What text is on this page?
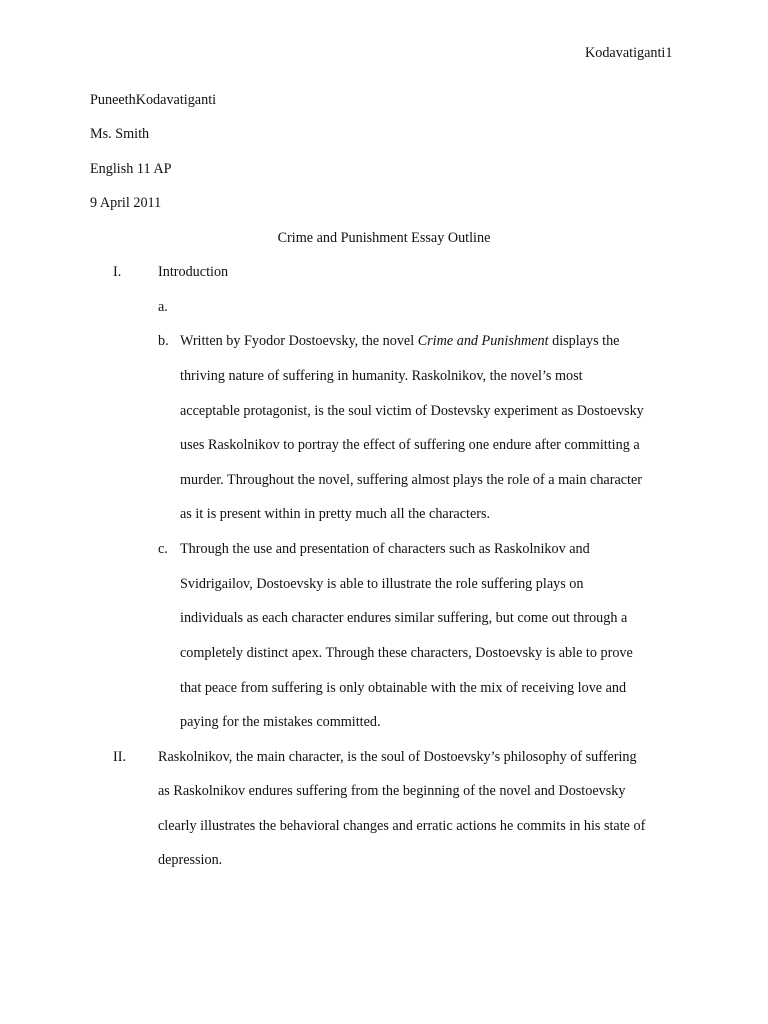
Kodavatiganti1
PuneethKodavatiganti
Ms. Smith
English 11 AP
9 April 2011
Crime and Punishment Essay Outline
I.	Introduction
a.
b. Written by Fyodor Dostoevsky, the novel Crime and Punishment displays the
thriving nature of suffering in humanity. Raskolnikov, the novel’s most
acceptable protagonist, is the soul victim of Dostevsky experiment as Dostoevsky
uses Raskolnikov to portray the effect of suffering one endure after committing a
murder. Throughout the novel, suffering almost plays the role of a main character
as it is present within in pretty much all the characters.
c. Through the use and presentation of characters such as Raskolnikov and
Svidrigailov, Dostoevsky is able to illustrate the role suffering plays on
individuals as each character endures similar suffering, but come out through a
completely distinct apex. Through these characters, Dostoevsky is able to prove
that peace from suffering is only obtainable with the mix of receiving love and
paying for the mistakes committed.
II. Raskolnikov, the main character, is the soul of Dostoevsky’s philosophy of suffering
as Raskolnikov endures suffering from the beginning of the novel and Dostoevsky
clearly illustrates the behavioral changes and erratic actions he commits in his state of
depression.
